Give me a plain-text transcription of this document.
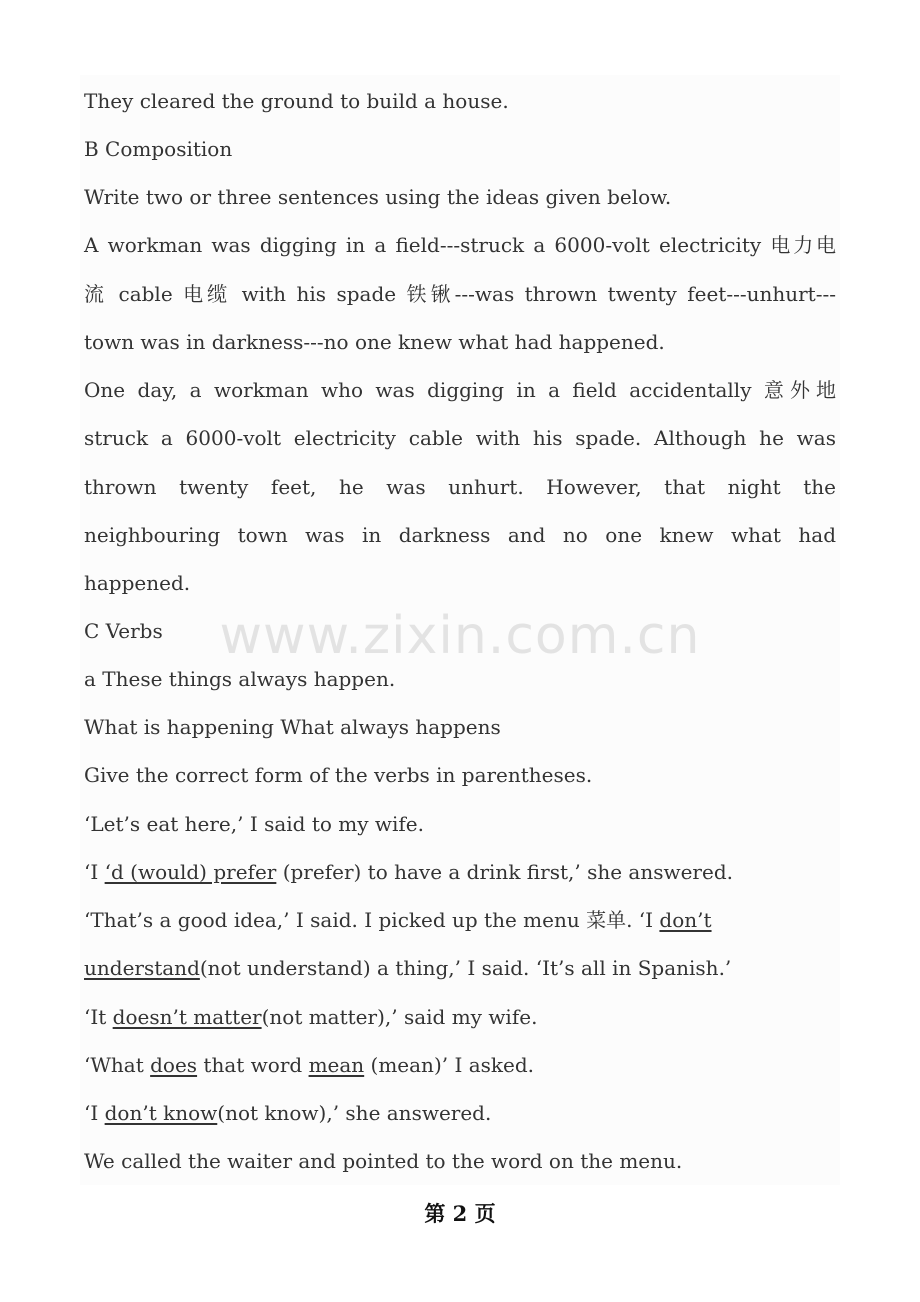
www.zixin.com.cn
They cleared the ground to build a house.
B Composition
Write two or three sentences using the ideas given below.
A workman was digging in a field---struck a 6000-volt electricity 电力电
流 cable 电缆 with his spade 铁锹---was thrown twenty feet---unhurt---
town was in darkness---no one knew what had happened.
One day, a workman who was digging in a field accidentally 意外地
struck a 6000-volt electricity cable with his spade. Although he was
thrown twenty feet, he was unhurt. However, that night the
neighbouring town was in darkness and no one knew what had
happened.
C Verbs
a These things always happen.
What is happening What always happens
Give the correct form of the verbs in parentheses.
‘Let’s eat here,’ I said to my wife.
‘I ‘d (would) prefer (prefer) to have a drink first,’ she answered.
‘That’s a good idea,’ I said. I picked up the menu 菜单. ‘I don’t
understand(not understand) a thing,’ I said. ‘It’s all in Spanish.’
‘It doesn’t matter(not matter),’ said my wife.
‘What does that word mean (mean)’ I asked.
‘I don’t know(not know),’ she answered.
We called the waiter and pointed to the word on the menu.
第 2 页
